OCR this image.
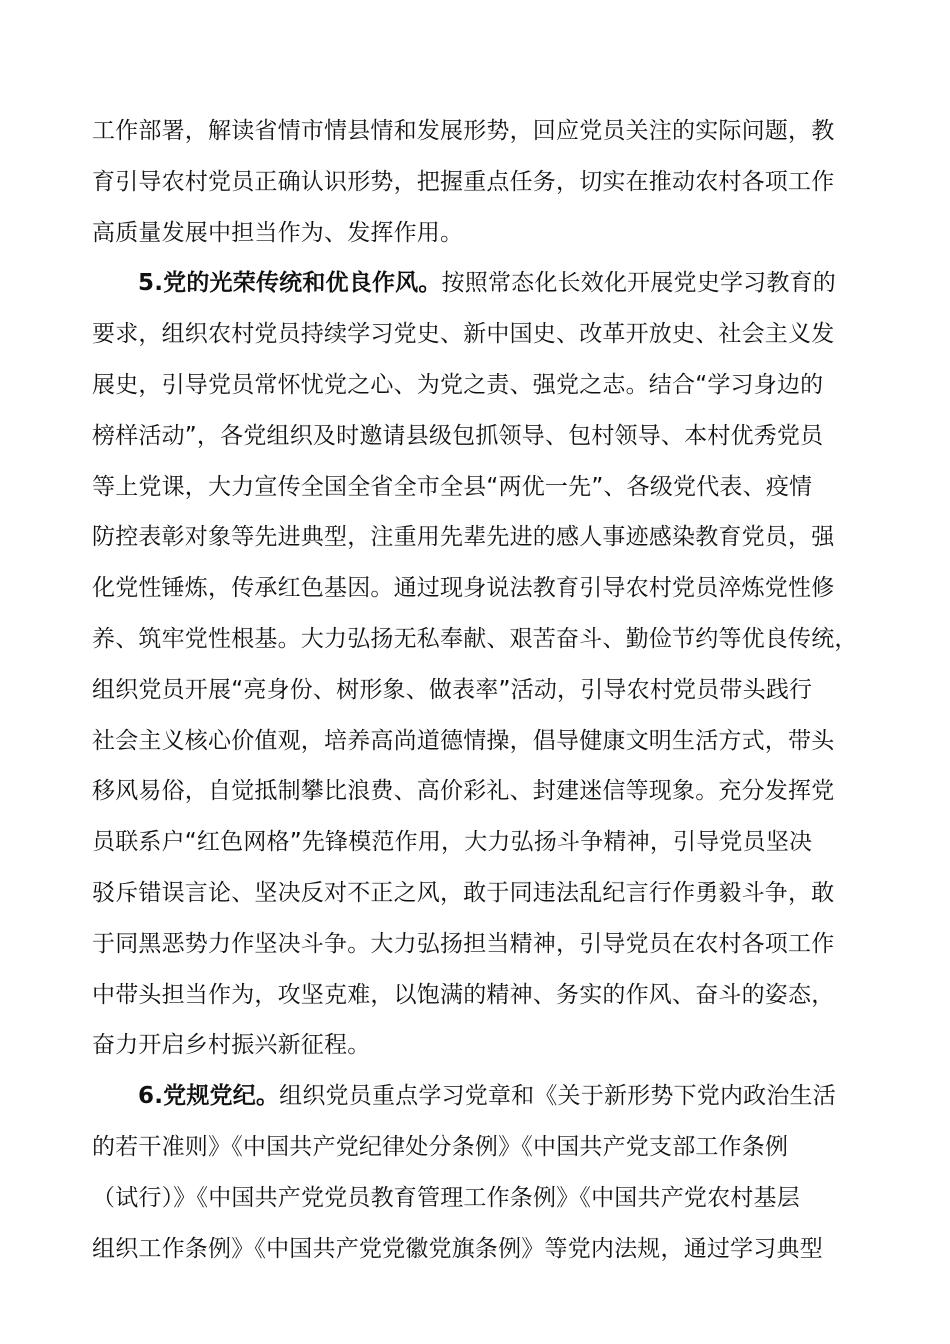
工作部署，解读省情市情县情和发展形势，回应党员关注的实际问题，教
育引导农村党员正确认识形势，把握重点任务，切实在推动农村各项工作
高质量发展中担当作为、发挥作用。
5.党的光荣传统和优良作风。按照常态化长效化开展党史学习教育的
要求，组织农村党员持续学习党史、新中国史、改革开放史、社会主义发
展史，引导党员常怀忧党之心、为党之责、强党之志。结合“学习身边的
榜样活动”，各党组织及时邀请县级包抓领导、包村领导、本村优秀党员
等上党课，大力宣传全国全省全市全县“两优一先”、各级党代表、疫情
防控表彰对象等先进典型，注重用先辈先进的感人事迹感染教育党员，强
化党性锤炼，传承红色基因。通过现身说法教育引导农村党员淬炼党性修
养、筑牢党性根基。大力弘扬无私奉献、艰苦奋斗、勤俭节约等优良传统，
组织党员开展“亮身份、树形象、做表率”活动，引导农村党员带头践行
社会主义核心价值观，培养高尚道德情操，倡导健康文明生活方式，带头
移风易俗，自觉抵制攀比浪费、高价彩礼、封建迷信等现象。充分发挥党
员联系户“红色网格”先锋模范作用，大力弘扬斗争精神，引导党员坚决
驳斥错误言论、坚决反对不正之风，敢于同违法乱纪言行作勇毅斗争，敢
于同黑恶势力作坚决斗争。大力弘扬担当精神，引导党员在农村各项工作
中带头担当作为，攻坚克难，以饱满的精神、务实的作风、奋斗的姿态，
奋力开启乡村振兴新征程。
6.党规党纪。组织党员重点学习党章和《关于新形势下党内政治生活
的若干准则》《中国共产党纪律处分条例》《中国共产党支部工作条例
（试行）》《中国共产党党员教育管理工作条例》《中国共产党农村基层
组织工作条例》《中国共产党党徽党旗条例》等党内法规，通过学习典型
